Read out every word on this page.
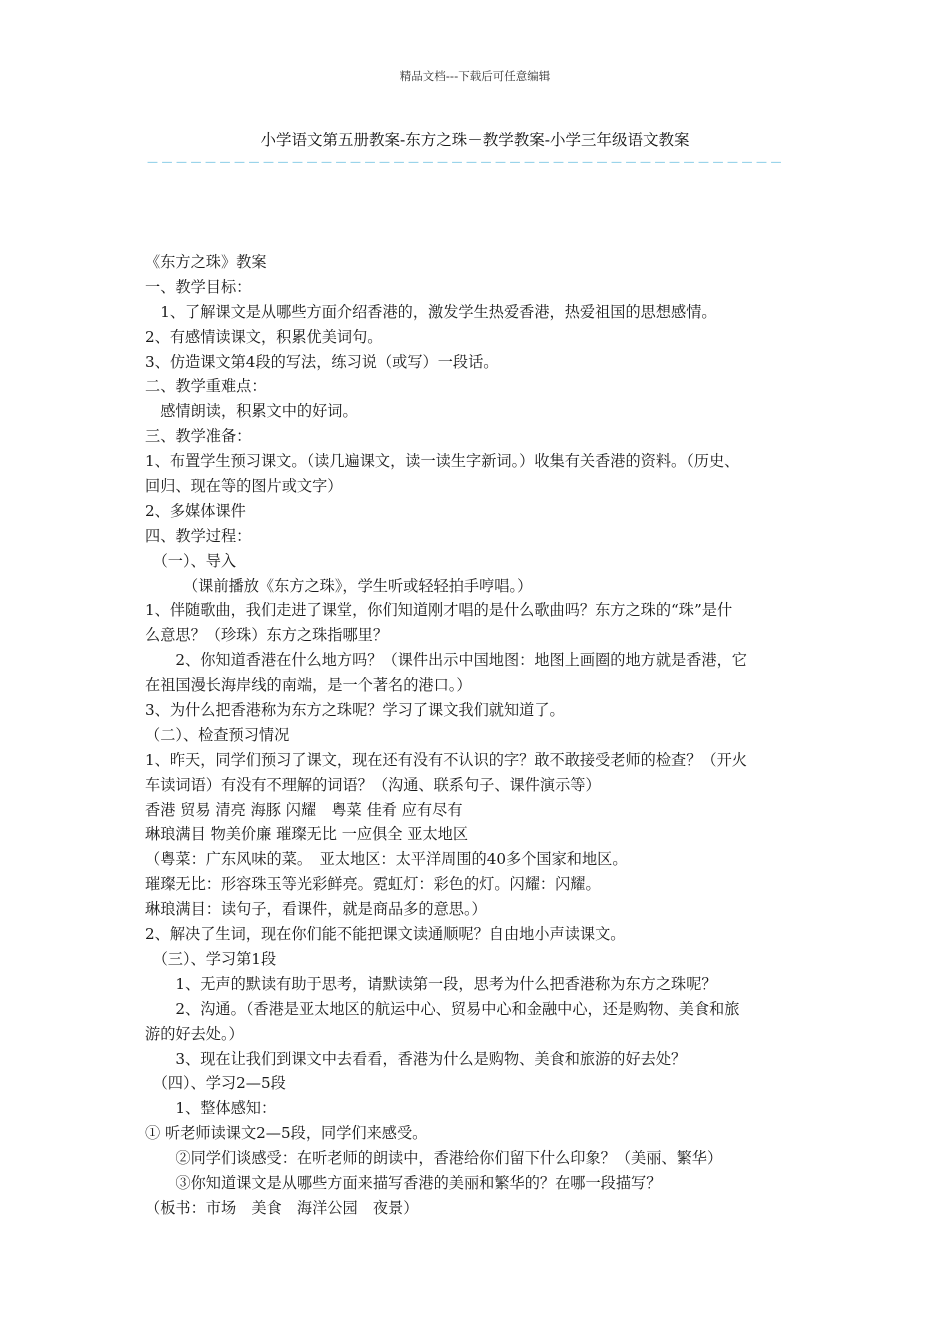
精品文档---下载后可任意编辑
小学语文第五册教案-东方之珠－教学教案-小学三年级语文教案
－－－－－－－－－－－－－－－－－－－－－－－－－－－－－－－－－－－－－－－－－－－－
《东方之珠》教案
一、教学目标：
　1、了解课文是从哪些方面介绍香港的，激发学生热爱香港，热爱祖国的思想感情。
2、有感情读课文，积累优美词句。
3、仿造课文第4段的写法，练习说（或写）一段话。
二、教学重难点：
　感情朗读，积累文中的好词。
三、教学准备：
1、布置学生预习课文。（读几遍课文，读一读生字新词。）收集有关香港的资料。（历史、
回归、现在等的图片或文字）
2、多媒体课件
四、教学过程：
　（一）、导入
　　　（课前播放《东方之珠》，学生听或轻轻拍手哼唱。）
1、伴随歌曲，我们走进了课堂，你们知道刚才唱的是什么歌曲吗？东方之珠的“珠”是什
么意思？（珍珠）东方之珠指哪里？
　　2、你知道香港在什么地方吗？（课件出示中国地图：地图上画圈的地方就是香港，它
在祖国漫长海岸线的南端，是一个著名的港口。）
3、为什么把香港称为东方之珠呢？学习了课文我们就知道了。
（二）、检查预习情况
1、昨天，同学们预习了课文，现在还有没有不认识的字？敢不敢接受老师的检查？（开火
车读词语）有没有不理解的词语？（沟通、联系句子、课件演示等）
香港 贸易 清亮 海豚 闪耀　粤菜 佳肴 应有尽有
琳琅满目 物美价廉 璀璨无比 一应俱全 亚太地区
（粤菜：广东风味的菜。　亚太地区：太平洋周围的40多个国家和地区。
璀璨无比：形容珠玉等光彩鲜亮。霓虹灯：彩色的灯。闪耀：闪耀。
琳琅满目：读句子，看课件，就是商品多的意思。）
2、解决了生词，现在你们能不能把课文读通顺呢？自由地小声读课文。
　（三）、学习第1段
　　1、无声的默读有助于思考，请默读第一段，思考为什么把香港称为东方之珠呢？
　　2、沟通。（香港是亚太地区的航运中心、贸易中心和金融中心，还是购物、美食和旅
游的好去处。）
　　3、现在让我们到课文中去看看，香港为什么是购物、美食和旅游的好去处？
　（四）、学习2—5段
　　1、整体感知：
① 听老师读课文2—5段，同学们来感受。
　　②同学们谈感受：在听老师的朗读中，香港给你们留下什么印象？（美丽、繁华）
　　③你知道课文是从哪些方面来描写香港的美丽和繁华的？在哪一段描写？
（板书：市场　美食　海洋公园　夜景）
